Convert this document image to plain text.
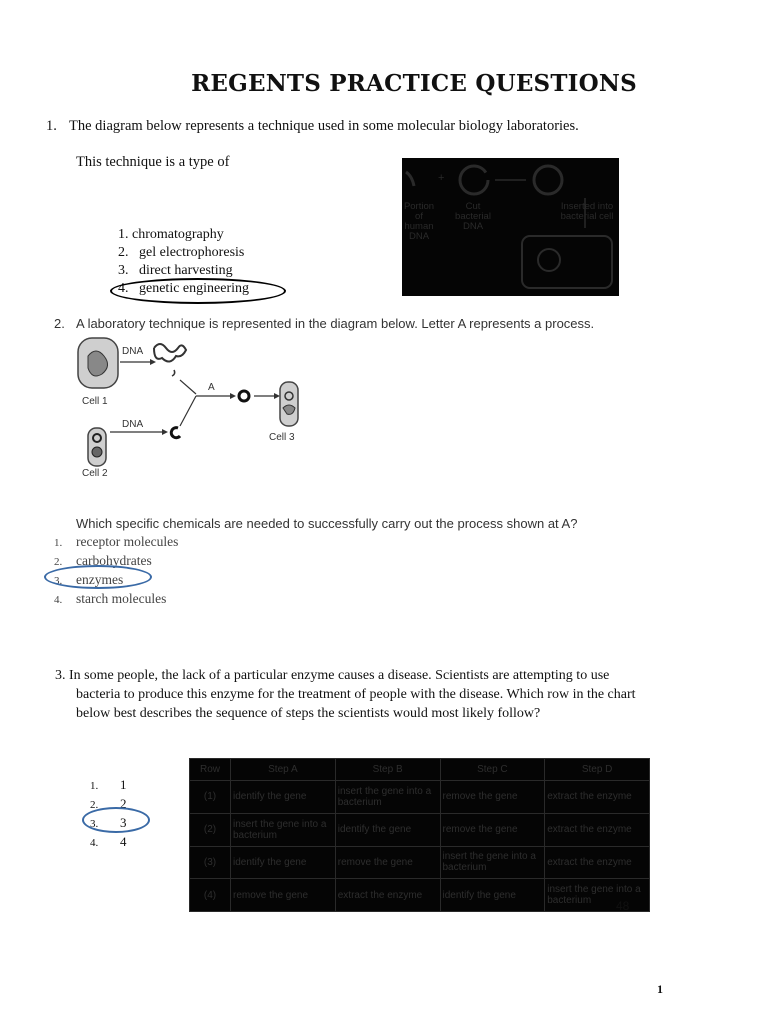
REGENTS PRACTICE QUESTIONS
1. The diagram below represents a technique used in some molecular biology laboratories.
This technique is a type of
1. chromatography
2. gel electrophoresis
3. direct harvesting
4. genetic engineering
+
Portion
of
human
DNA
Cut
bacterial
DNA
Inserted into
bacterial cell
2. A laboratory technique is represented in the diagram below. Letter A represents a process.
DNA
A
Cell 1
DNA
Cell 3
Cell 2
Which specific chemicals are needed to successfully carry out the process shown at A?
1. receptor molecules
2. carbohydrates
3. enzymes
4. starch molecules
3. In some people, the lack of a particular enzyme causes a disease. Scientists are attempting to use
bacteria to produce this enzyme for the treatment of people with the disease. Which row in the chart
below best describes the sequence of steps the scientists would most likely follow?
1. 1
2. 2
3. 3
4. 4
Row	Step A	Step B	Step C	Step D
(1)	identify the gene	insert the gene into a bacterium	remove the gene	extract the enzyme
(2)	insert the gene into a bacterium	identify the gene	remove the gene	extract the enzyme
(3)	identify the gene	remove the gene	insert the gene into a bacterium	extract the enzyme
(4)	remove the gene	extract the enzyme	identify the gene	insert the gene into a bacterium 48
1
